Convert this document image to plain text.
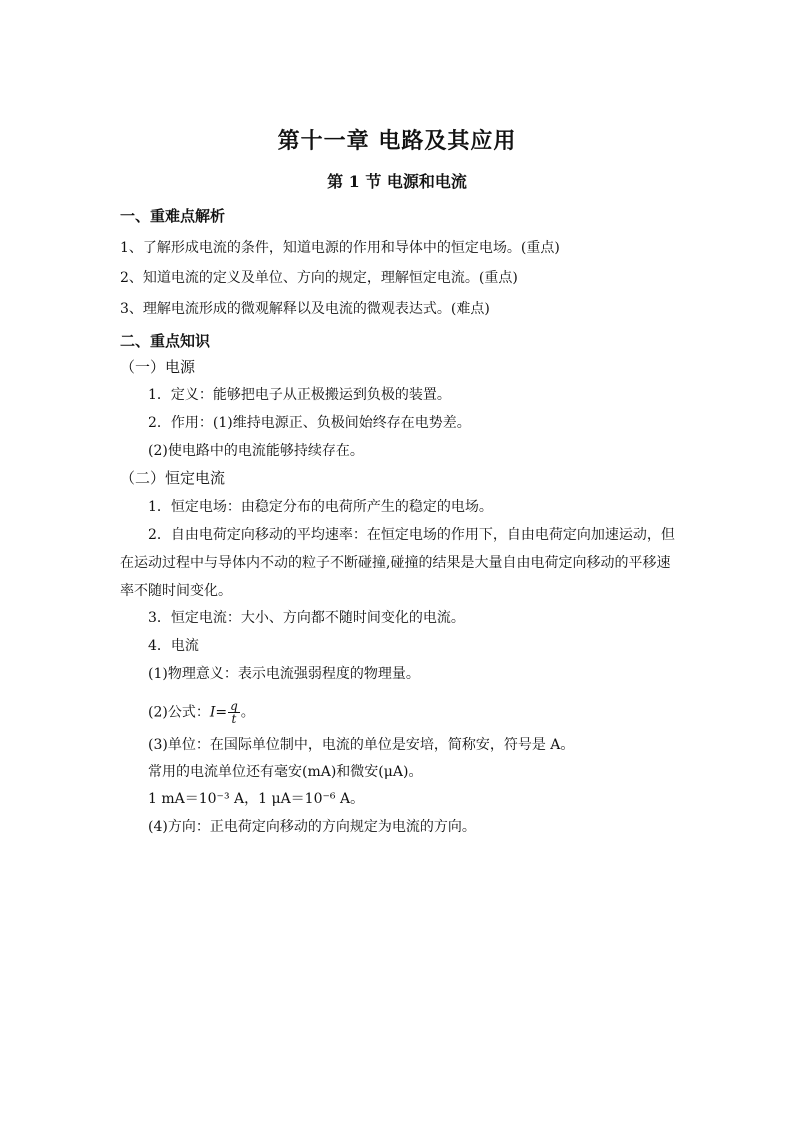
第十一章 电路及其应用
第 1 节 电源和电流
一、重难点解析
1、了解形成电流的条件，知道电源的作用和导体中的恒定电场。(重点)
2、知道电流的定义及单位、方向的规定，理解恒定电流。(重点)
3、理解电流形成的微观解释以及电流的微观表达式。(难点)
二、重点知识
（一）电源
1．定义：能够把电子从正极搬运到负极的装置。
2．作用：(1)维持电源正、负极间始终存在电势差。
(2)使电路中的电流能够持续存在。
（二）恒定电流
1．恒定电场：由稳定分布的电荷所产生的稳定的电场。
2．自由电荷定向移动的平均速率：在恒定电场的作用下，自由电荷定向加速运动，但
在运动过程中与导体内不动的粒子不断碰撞,碰撞的结果是大量自由电荷定向移动的平移速
率不随时间变化。
3．恒定电流：大小、方向都不随时间变化的电流。
4．电流
(1)物理意义：表示电流强弱程度的物理量。
(2)公式：$I= \frac{q}{t}$ 。
(3)单位：在国际单位制中，电流的单位是安培，简称安，符号是 A。
常用的电流单位还有毫安(mA)和微安(μA)。
1 mA＝10⁻³ A，1 μA＝10⁻⁶ A。
(4)方向：正电荷定向移动的方向规定为电流的方向。
